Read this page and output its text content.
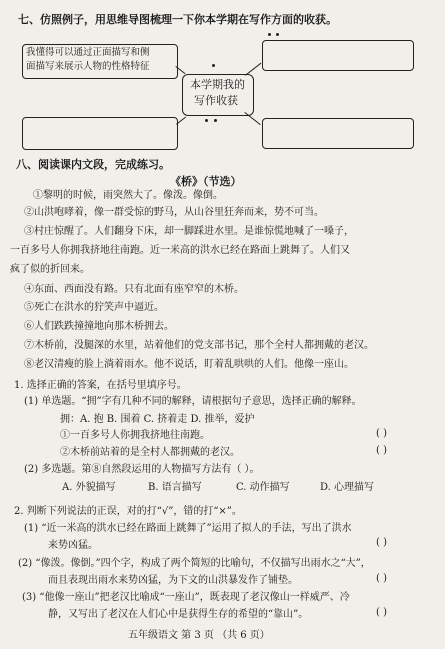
七、仿照例子，用思维导图梳理一下你本学期在写作方面的收获。
我懂得可以通过正面描写和侧
面描写来展示人物的性格特征
本学期我的
写作收获
八、阅读课内文段，完成练习。
《桥》（节选）
①黎明的时候，雨突然大了。像泼。像倒。
②山洪咆哮着，像一群受惊的野马，从山谷里狂奔而来，势不可当。
③村庄惊醒了。人们翻身下床，却一脚踩进水里。是谁惊慌地喊了一嗓子，
一百多号人你拥我挤地往南跑。近一米高的洪水已经在路面上跳舞了。人们又
疯了似的折回来。
④东面、西面没有路。只有北面有座窄窄的木桥。
⑤死亡在洪水的狞笑声中逼近。
⑥人们跌跌撞撞地向那木桥拥去。
⑦木桥前，没腿深的水里，站着他们的党支部书记，那个全村人都拥戴的老汉。
⑧老汉清瘦的脸上淌着雨水。他不说话，盯着乱哄哄的人们。他像一座山。
1. 选择正确的答案，在括号里填序号。
(1) 单选题。“拥”字有几种不同的解释，请根据句子意思，选择正确的解释。
拥：A. 抱 B. 围着 C. 挤着走 D. 推举，爱护
①一百多号人你拥我挤地往南跑。	( )
②木桥前站着的是全村人都拥戴的老汉。	( )
(2) 多选题。第⑧自然段运用的人物描写方法有（ ）。
A. 外貌描写	B. 语言描写	C. 动作描写	D. 心理描写
2. 判断下列说法的正误，对的打“√”，错的打“×”。
(1) “近一米高的洪水已经在路面上跳舞了”运用了拟人的手法，写出了洪水
来势凶猛。	( )
(2) “像泼。像倒。”四个字，构成了两个简短的比喻句，不仅描写出雨水之“大”，
而且表现出雨水来势凶猛，为下文的山洪暴发作了铺垫。	( )
(3) “他像一座山”把老汉比喻成“一座山”，既表现了老汉像山一样威严、冷
静，又写出了老汉在人们心中是获得生存的希望的“靠山”。	( )
五年级语文 第 3 页 （共 6 页）
